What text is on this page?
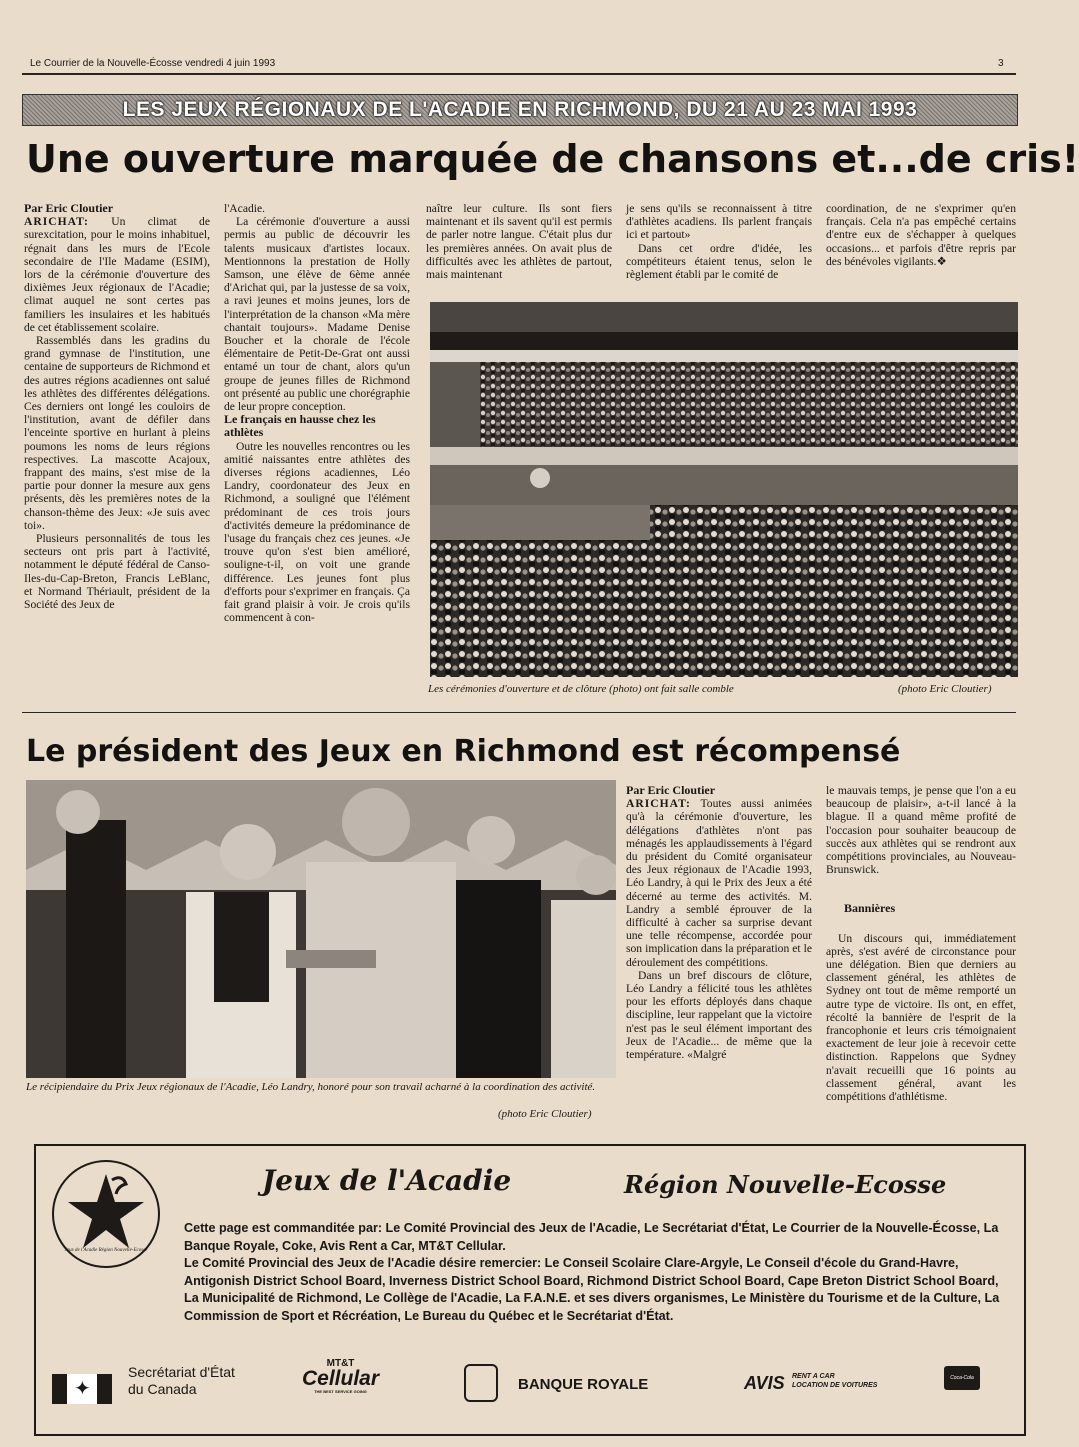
Le Courrier de la Nouvelle-Écosse vendredi 4 juin 1993	3
LES JEUX RÉGIONAUX DE L'ACADIE EN RICHMOND, DU 21 AU 23 MAI 1993
Une ouverture marquée de chansons et...de cris!

Par Eric Cloutier

ARICHAT: Un climat de surexcitation, pour le moins inhabituel, régnait dans les murs de l'Ecole secondaire de l'Ile Madame (ESIM), lors de la cérémonie d'ouverture des dixièmes Jeux régionaux de l'Acadie; climat auquel ne sont certes pas familiers les insulaires et les habitués de cet établissement scolaire.

Rassemblés dans les gradins du grand gymnase de l'institution, une centaine de supporteurs de Richmond et des autres régions acadiennes ont salué les athlètes des différentes délégations. Ces derniers ont longé les couloirs de l'institution, avant de défiler dans l'enceinte sportive en hurlant à pleins poumons les noms de leurs régions respectives. La mascotte Acajoux, frappant des mains, s'est mise de la partie pour donner la mesure aux gens présents, dès les premières notes de la chanson-thème des Jeux: «Je suis avec toi».

Plusieurs personnalités de tous les secteurs ont pris part à l'activité, notamment le député fédéral de Canso-Iles-du-Cap-Breton, Francis LeBlanc, et Normand Thériault, président de la Société des Jeux de

l'Acadie.

La cérémonie d'ouverture a aussi permis au public de découvrir les talents musicaux d'artistes locaux. Mentionnons la prestation de Holly Samson, une élève de 6ème année d'Arichat qui, par la justesse de sa voix, a ravi jeunes et moins jeunes, lors de l'interprétation de la chanson «Ma mère chantait toujours». Madame Denise Boucher et la chorale de l'école élémentaire de Petit-De-Grat ont aussi entamé un tour de chant, alors qu'un groupe de jeunes filles de Richmond ont présenté au public une chorégraphie de leur propre conception.

Le français en hausse chez les athlètes

Outre les nouvelles rencontres ou les amitié naissantes entre athlètes des diverses régions acadiennes, Léo Landry, coordonateur des Jeux en Richmond, a souligné que l'élément prédominant de ces trois jours d'activités demeure la prédominance de l'usage du français chez ces jeunes. «Je trouve qu'on s'est bien amélioré, souligne-t-il, on voit une grande différence. Les jeunes font plus d'efforts pour s'exprimer en français. Ça fait grand plaisir à voir. Je crois qu'ils commencent à con-

naître leur culture. Ils sont fiers maintenant et ils savent qu'il est permis de parler notre langue. C'était plus dur les premières années. On avait plus de difficultés avec les athlètes de partout, mais maintenant

je sens qu'ils se reconnaissent à titre d'athlètes acadiens. Ils parlent français ici et partout»

Dans cet ordre d'idée, les compétiteurs étaient tenus, selon le règlement établi par le comité de

coordination, de ne s'exprimer qu'en français. Cela n'a pas empêché certains d'entre eux de s'échapper à quelques occasions... et parfois d'être repris par des bénévoles vigilants.❖

Les cérémonies d'ouverture et de clôture (photo) ont fait salle comble	(photo Eric Cloutier)
Le président des Jeux en Richmond est récompensé
Le récipiendaire du Prix Jeux régionaux de l'Acadie, Léo Landry, honoré pour son travail acharné à la coordination des activité.
(photo Eric Cloutier)

Par Eric Cloutier

ARICHAT: Toutes aussi animées qu'à la cérémonie d'ouverture, les délégations d'athlètes n'ont pas ménagés les applaudissements à l'égard du président du Comité organisateur des Jeux régionaux de l'Acadie 1993, Léo Landry, à qui le Prix des Jeux a été décerné au terme des activités. M. Landry a semblé éprouver de la difficulté à cacher sa surprise devant une telle récompense, accordée pour son implication dans la préparation et le déroulement des compétitions.

Dans un bref discours de clôture, Léo Landry a félicité tous les athlètes pour les efforts déployés dans chaque discipline, leur rappelant que la victoire n'est pas le seul élément important des Jeux de l'Acadie... de même que la température. «Malgré

le mauvais temps, je pense que l'on a eu beaucoup de plaisir», a-t-il lancé à la blague. Il a quand même profité de l'occasion pour souhaiter beaucoup de succès aux athlètes qui se rendront aux compétitions provinciales, au Nouveau-Brunswick.

Bannières

Un discours qui, immédiatement après, s'est avéré de circonstance pour une délégation. Bien que derniers au classement général, les athlètes de Sydney ont tout de même remporté un autre type de victoire. Ils ont, en effet, récolté la bannière de l'esprit de la francophonie et leurs cris témoignaient exactement de leur joie à recevoir cette distinction. Rappelons que Sydney n'avait recueilli que 16 points au classement général, avant les compétitions d'athlétisme.

Jeux de l'Acadie Région Nouvelle-Ecosse
Jeux de l'Acadie	Région Nouvelle-Ecosse
Cette page est commanditée par: Le Comité Provincial des Jeux de l'Acadie, Le Secrétariat d'État, Le Courrier de la Nouvelle-Écosse, La Banque Royale, Coke, Avis Rent a Car, MT&T Cellular.
Le Comité Provincial des Jeux de l'Acadie désire remercier: Le Conseil Scolaire Clare-Argyle, Le Conseil d'école du Grand-Havre, Antigonish District School Board, Inverness District School Board, Richmond District School Board, Cape Breton District School Board, La Municipalité de Richmond, Le Collège de l'Acadie, La F.A.N.E. et ses divers organismes, Le Ministère du Tourisme et de la Culture, La Commission de Sport et Récréation, Le Bureau du Québec et le Secrétariat d'État.
✦
Secrétariat d'État
du Canada
MT&T
Cellular
THE BEST SERVICE GOING	BANQUE ROYALE	AVIS RENT A CAR
LOCATION DE VOITURES
Coca-Cola
